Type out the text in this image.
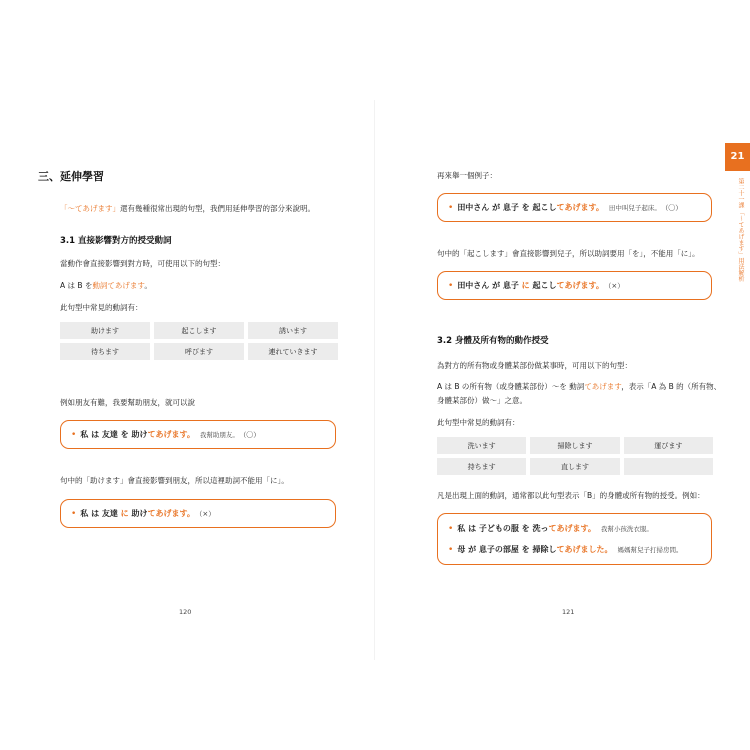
三、延伸學習
「～てあげます」還有幾種很常出現的句型，我們用延伸學習的部分來說明。
3.1 直接影響對方的授受動詞
當動作會直接影響到對方時，可使用以下的句型：
A は B を動詞てあげます。
此句型中常見的動詞有：
助けます	起こします	誘います
待ちます	呼びます	連れていきます
例如朋友有難，我要幫助朋友，就可以說
• 私 は 友達 を 助けてあげます。 我幫助朋友。 （〇）
句中的「助けます」會直接影響到朋友，所以這裡助詞不能用「に」。
• 私 は 友達 に 助けてあげます。 （×）
120
21
第二十一課 「～てあげます」用法解析
再來舉一個例子：
• 田中さん が 息子 を 起こしてあげます。 田中叫兒子起床。 （〇）
句中的「起こします」會直接影響到兒子，所以助詞要用「を」，不能用「に」。
• 田中さん が 息子 に 起こしてあげます。 （×）
3.2 身體及所有物的動作授受
為對方的所有物或身體某部份做某事時，可用以下的句型：
A は B の所有物（或身體某部份）～を 動詞てあげます，表示「A 為 B 的（所有物、
身體某部份）做～」之意。
此句型中常見的動詞有：
洗います	掃除します	運びます
持ちます	直します
凡是出現上面的動詞，通常都以此句型表示「B」的身體或所有物的授受。例如：
• 私 は 子どもの服 を 洗ってあげます。 我幫小孩洗衣服。
• 母 が 息子の部屋 を 掃除してあげました。 媽媽幫兒子打掃房間。
121
